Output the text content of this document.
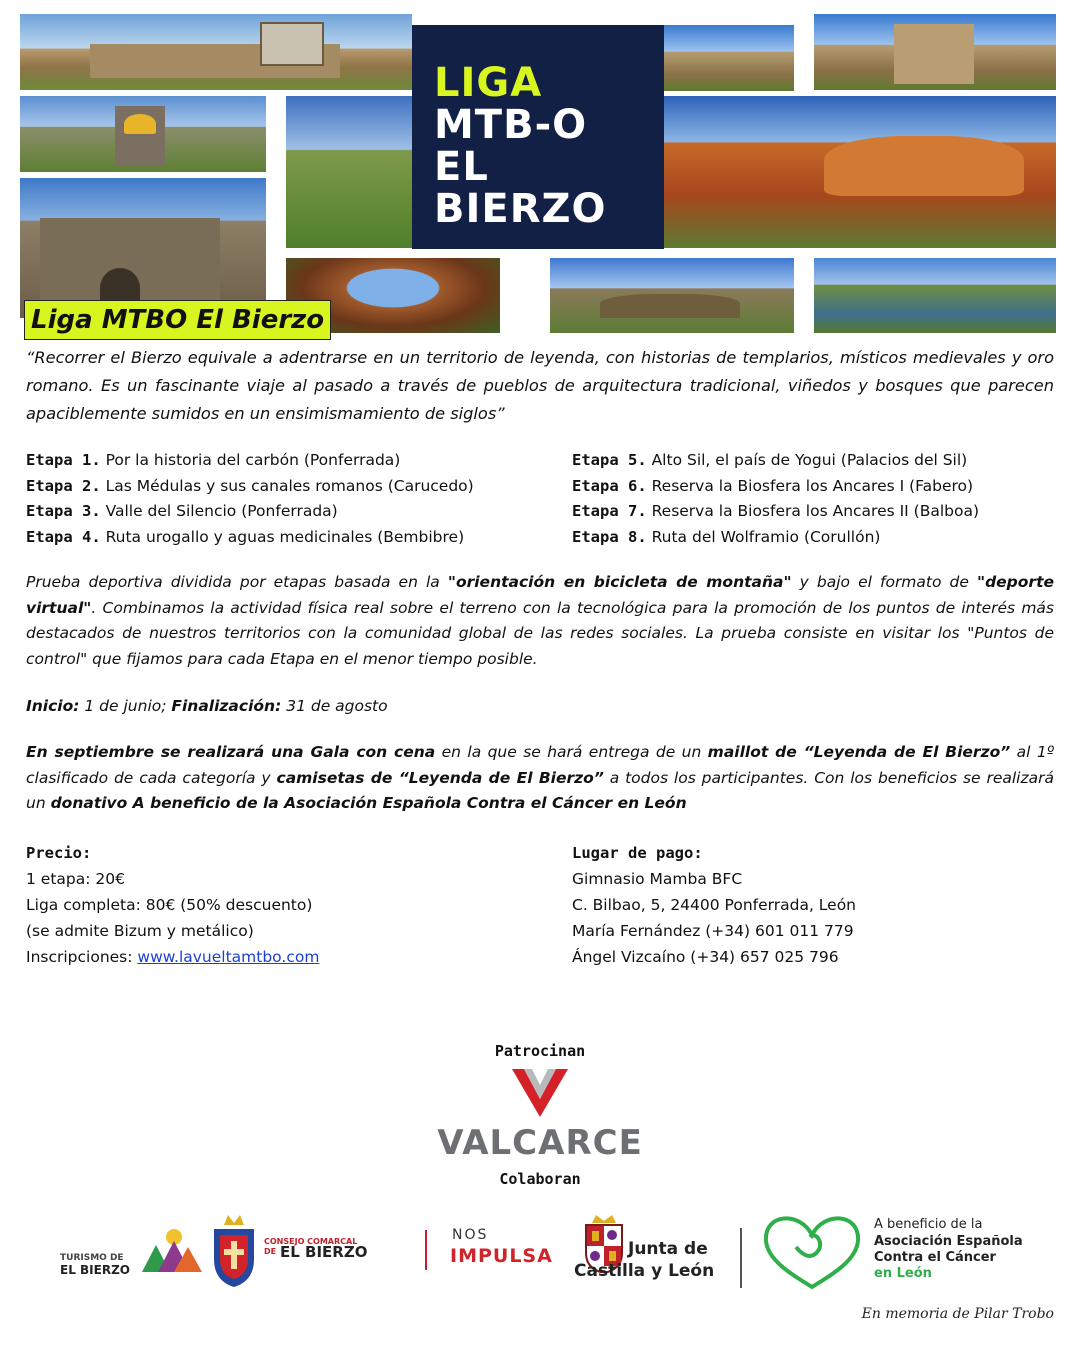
LIGA
MTB-O
EL
BIERZO
Liga MTBO El Bierzo
“Recorrer el Bierzo equivale a adentrarse en un territorio de leyenda, con historias de templarios, místicos medievales y oro romano. Es un fascinante viaje al pasado a través de pueblos de arquitectura tradicional, viñedos y bosques que parecen apaciblemente sumidos en un ensimismamiento de siglos”
Etapa 1. Por la historia del carbón (Ponferrada)
Etapa 2. Las Médulas y sus canales romanos (Carucedo)
Etapa 3. Valle del Silencio (Ponferrada)
Etapa 4. Ruta urogallo y aguas medicinales (Bembibre)
Etapa 5. Alto Sil, el país de Yogui (Palacios del Sil)
Etapa 6. Reserva la Biosfera los Ancares I (Fabero)
Etapa 7. Reserva la Biosfera los Ancares II (Balboa)
Etapa 8. Ruta del Wolframio (Corullón)
Prueba deportiva dividida por etapas basada en la "orientación en bicicleta de montaña" y bajo el formato de "deporte virtual". Combinamos la actividad física real sobre el terreno con la tecnológica para la promoción de los puntos de interés más destacados de nuestros territorios con la comunidad global de las redes sociales. La prueba consiste en visitar los "Puntos de control" que fijamos para cada Etapa en el menor tiempo posible.
Inicio: 1 de junio; Finalización: 31 de agosto
En septiembre se realizará una Gala con cena en la que se hará entrega de un maillot de “Leyenda de El Bierzo” al 1º clasificado de cada categoría y camisetas de “Leyenda de El Bierzo” a todos los participantes. Con los beneficios se realizará un donativo A beneficio de la Asociación Española Contra el Cáncer en León
Precio:
1 etapa: 20€
Liga completa: 80€ (50% descuento)
(se admite Bizum y metálico)
Inscripciones: www.lavueltamtbo.com
Lugar de pago:
Gimnasio Mamba BFC
C. Bilbao, 5, 24400 Ponferrada, León
María Fernández (+34) 601 011 779
Ángel Vizcaíno (+34) 657 025 796
Patrocinan
VALCARCE
Colaboran
TURISMO DE
EL BIERZO
CONSEJO COMARCAL
DE EL BIERZO
NOS
IMPULSA	Junta de
Castilla y León
A beneficio de la
Asociación Española
Contra el Cáncer
en León
En memoria de Pilar Trobo
